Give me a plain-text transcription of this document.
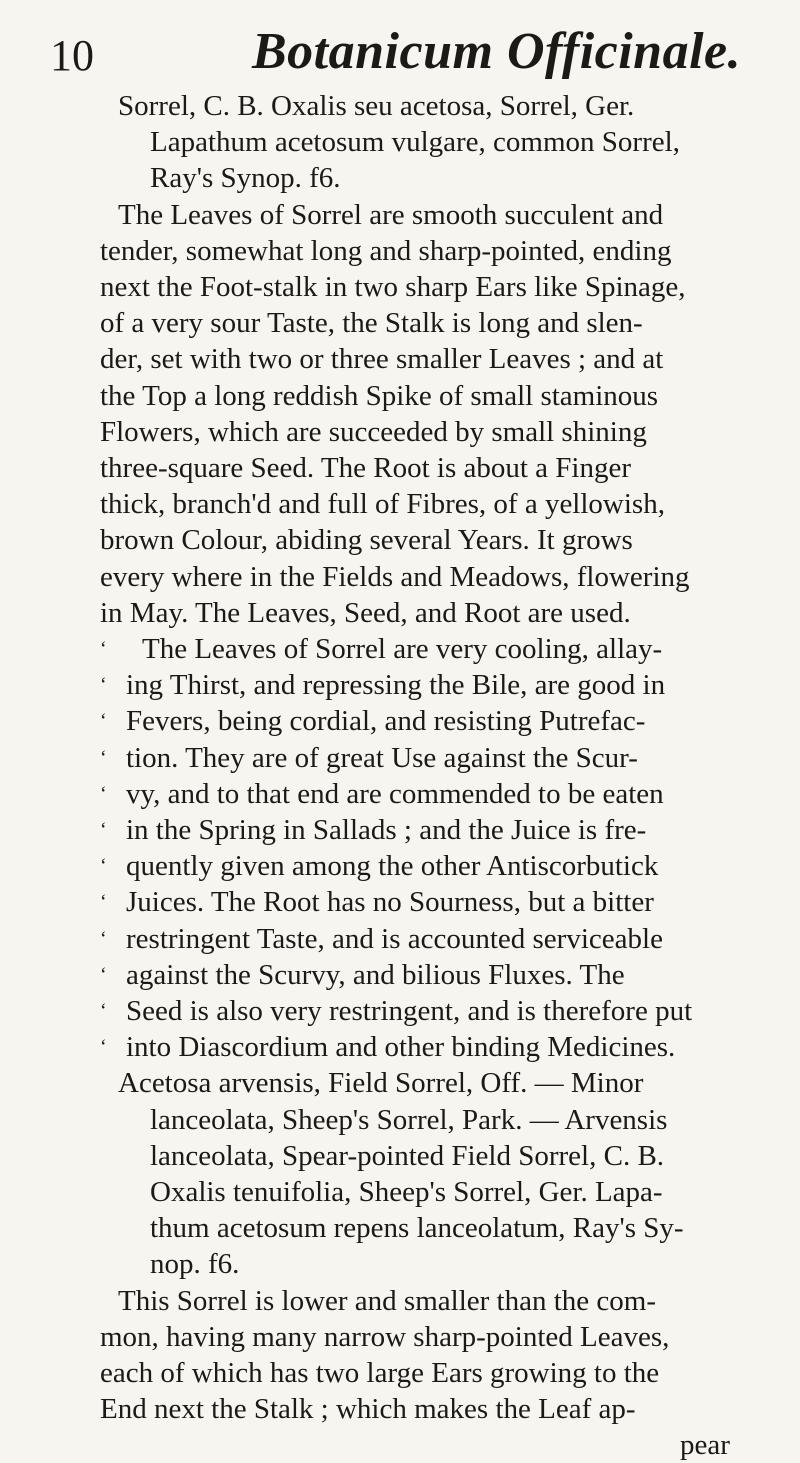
10	Botanicum Officinale.
Sorrel, C. B. Oxalis seu acetosa, Sorrel, Ger.
Lapathum acetosum vulgare, common Sorrel,
Ray's Synop. f6.
The Leaves of Sorrel are smooth succulent and
tender, somewhat long and sharp-pointed, ending
next the Foot-stalk in two sharp Ears like Spinage,
of a very sour Taste, the Stalk is long and slen-
der, set with two or three smaller Leaves ; and at
the Top a long reddish Spike of small staminous
Flowers, which are succeeded by small shining
three-square Seed. The Root is about a Finger
thick, branch'd and full of Fibres, of a yellowish,
brown Colour, abiding several Years. It grows
every where in the Fields and Meadows, flowering
in May. The Leaves, Seed, and Root are used.
‘ The Leaves of Sorrel are very cooling, allay-
‘ ing Thirst, and repressing the Bile, are good in
‘ Fevers, being cordial, and resisting Putrefac-
‘ tion. They are of great Use against the Scur-
‘ vy, and to that end are commended to be eaten
‘ in the Spring in Sallads ; and the Juice is fre-
‘ quently given among the other Antiscorbutick
‘ Juices. The Root has no Sourness, but a bitter
‘ restringent Taste, and is accounted serviceable
‘ against the Scurvy, and bilious Fluxes. The
‘ Seed is also very restringent, and is therefore put
‘ into Diascordium and other binding Medicines.
Acetosa arvensis, Field Sorrel, Off. — Minor
lanceolata, Sheep's Sorrel, Park. — Arvensis
lanceolata, Spear-pointed Field Sorrel, C. B.
Oxalis tenuifolia, Sheep's Sorrel, Ger. Lapa-
thum acetosum repens lanceolatum, Ray's Sy-
nop. f6.
This Sorrel is lower and smaller than the com-
mon, having many narrow sharp-pointed Leaves,
each of which has two large Ears growing to the
End next the Stalk ; which makes the Leaf ap-
pear
